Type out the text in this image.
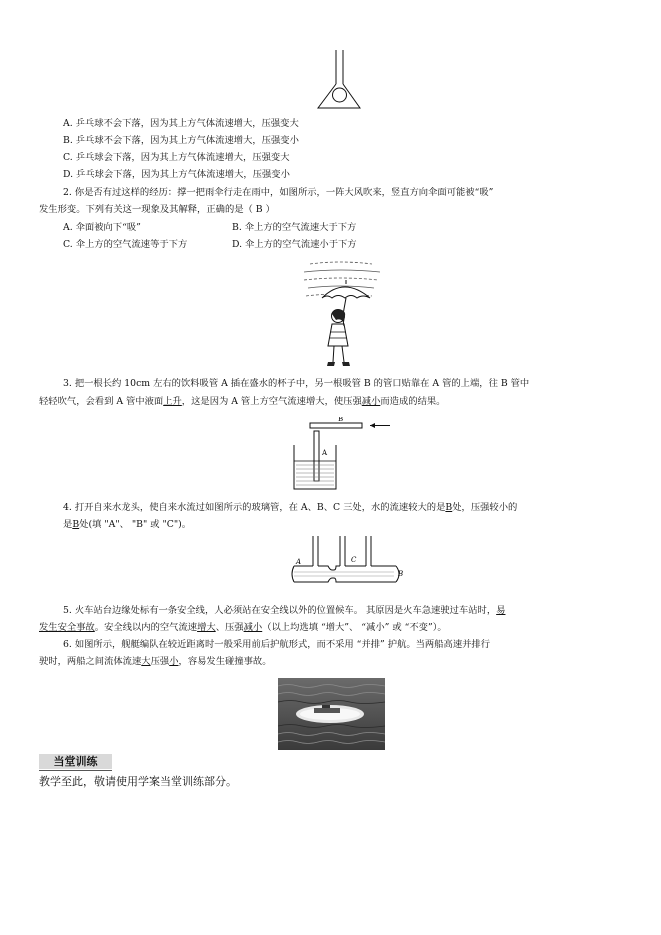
A. 乒乓球不会下落，因为其上方气体流速增大，压强变大
B. 乒乓球不会下落，因为其上方气体流速增大，压强变小
C. 乒乓球会下落，因为其上方气体流速增大，压强变大
D. 乒乓球会下落，因为其上方气体流速增大，压强变小
2. 你是否有过这样的经历：撑一把雨伞行走在雨中，如图所示，一阵大风吹来，竖直方向伞面可能被“吸”
发生形变。下列有关这一现象及其解释，正确的是（ B ）
A. 伞面被向下“吸”	B. 伞上方的空气流速大于下方
C. 伞上方的空气流速等于下方	D. 伞上方的空气流速小于下方
3. 把一根长约 10cm 左右的饮料吸管 A 插在盛水的杯子中，另一根吸管 B 的管口贴靠在 A 管的上端，往 B 管中
轻轻吹气，会看到 A 管中液面上升，这是因为 A 管上方空气流速增大，使压强减小而造成的结果。
B
A
4. 打开自来水龙头，使自来水流过如图所示的玻璃管，在 A、B、C 三处，水的流速较大的是B处，压强较小的
是B处(填 "A"、 "B" 或 "C")。
A	C
B
5. 火车站台边缘处标有一条安全线，人必须站在安全线以外的位置候车。 其原因是火车急速驶过车站时，易
发生安全事故。安全线以内的空气流速增大、压强减小（以上均选填 “增大”、 “减小” 或 “不变”）。
6. 如图所示，舰艇编队在较近距离时一般采用前后护航形式，而不采用 “并排” 护航。当两船高速并排行
驶时，两船之间流体流速大压强小，容易发生碰撞事故。
当堂训练
教学至此，敬请使用学案当堂训练部分。
